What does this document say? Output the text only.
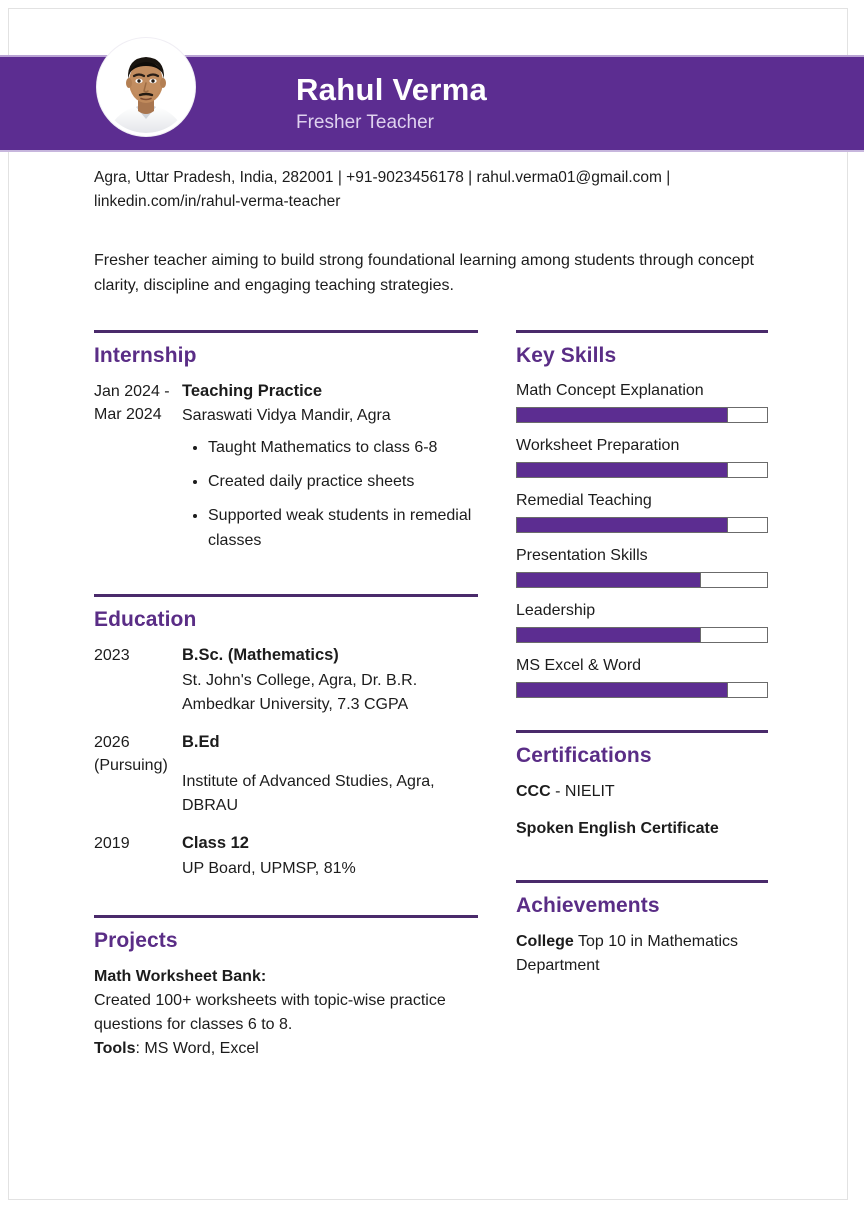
Rahul Verma
Fresher Teacher
Agra, Uttar Pradesh, India, 282001 | +91-9023456178 | rahul.verma01@gmail.com | linkedin.com/in/rahul-verma-teacher
Fresher teacher aiming to build strong foundational learning among students through concept clarity, discipline and engaging teaching strategies.
Internship
Jan 2024 - Mar 2024
Teaching Practice
Saraswati Vidya Mandir, Agra
• Taught Mathematics to class 6-8
• Created daily practice sheets
• Supported weak students in remedial classes
Education
2023	B.Sc. (Mathematics)
St. John's College, Agra, Dr. B.R. Ambedkar University, 7.3 CGPA
2026 (Pursuing)
B.Ed
Institute of Advanced Studies, Agra, DBRAU
2019	Class 12
UP Board, UPMSP, 81%
Projects
Math Worksheet Bank:
Created 100+ worksheets with topic-wise practice questions for classes 6 to 8.
Tools: MS Word, Excel
Key Skills
Math Concept Explanation
Worksheet Preparation
Remedial Teaching
Presentation Skills
Leadership
MS Excel & Word
Certifications
CCC - NIELIT
Spoken English Certificate
Achievements
College Top 10 in Mathematics Department
